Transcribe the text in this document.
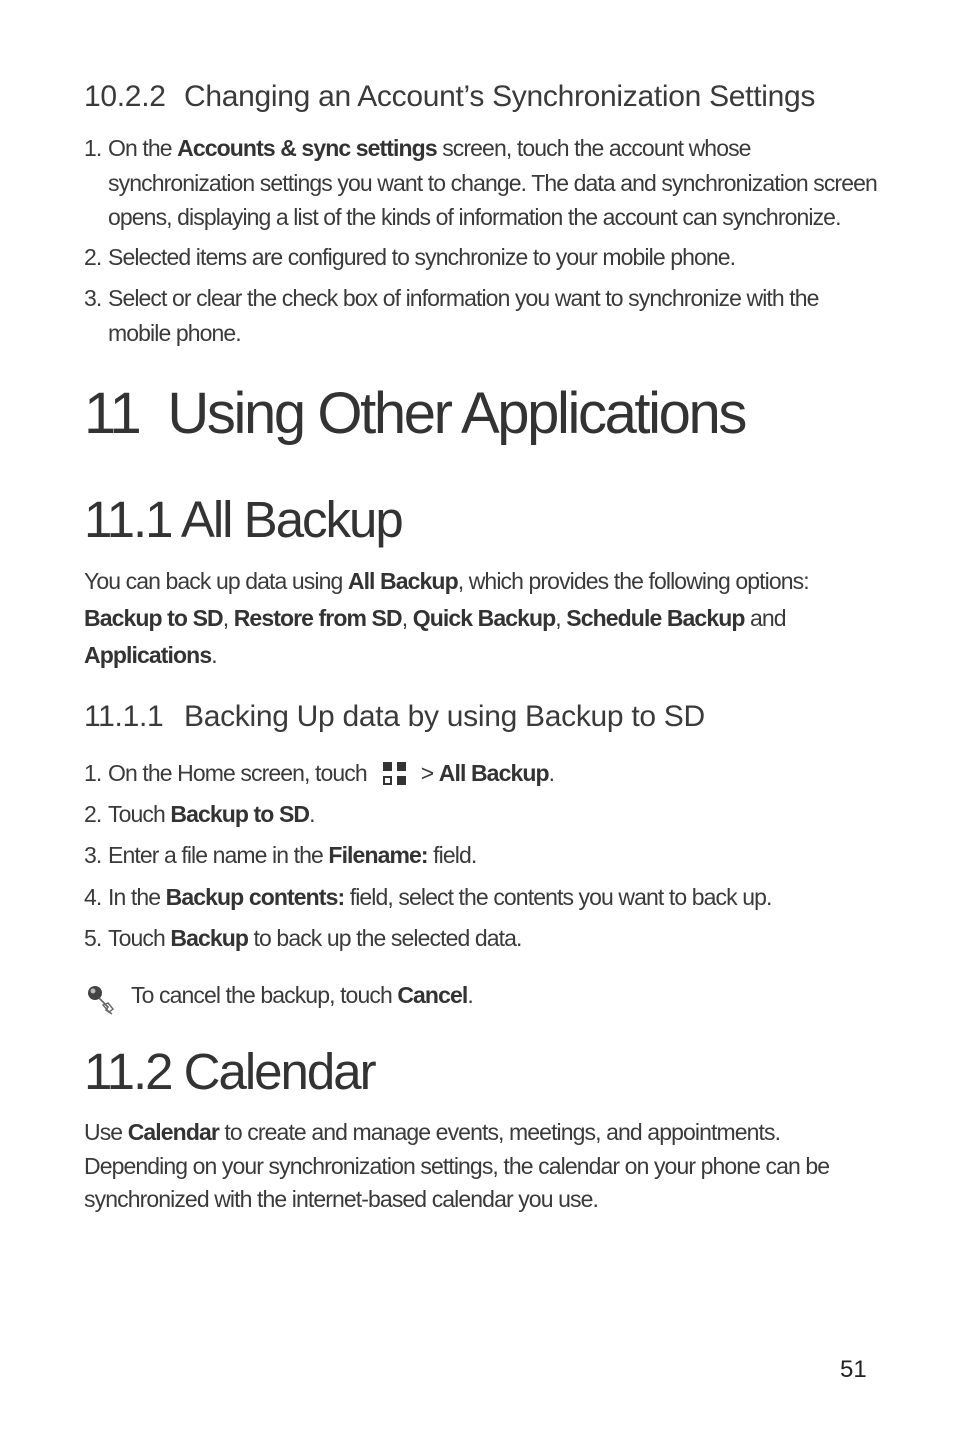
10.2.2 Changing an Account’s Synchronization Settings
1. On the Accounts & sync settings screen, touch the account whose
synchronization settings you want to change. The data and synchronization screen
opens, displaying a list of the kinds of information the account can synchronize.
2. Selected items are configured to synchronize to your mobile phone.
3. Select or clear the check box of information you want to synchronize with the
mobile phone.
11 Using Other Applications
11.1 All Backup
You can back up data using All Backup, which provides the following options:
Backup to SD, Restore from SD, Quick Backup, Schedule Backup and
Applications.
11.1.1 Backing Up data by using Backup to SD
1. On the Home screen, touch > All Backup.
2. Touch Backup to SD.
3. Enter a file name in the Filename: field.
4. In the Backup contents: field, select the contents you want to back up.
5. Touch Backup to back up the selected data.
To cancel the backup, touch Cancel.
11.2 Calendar
Use Calendar to create and manage events, meetings, and appointments.
Depending on your synchronization settings, the calendar on your phone can be
synchronized with the internet-based calendar you use.
51
